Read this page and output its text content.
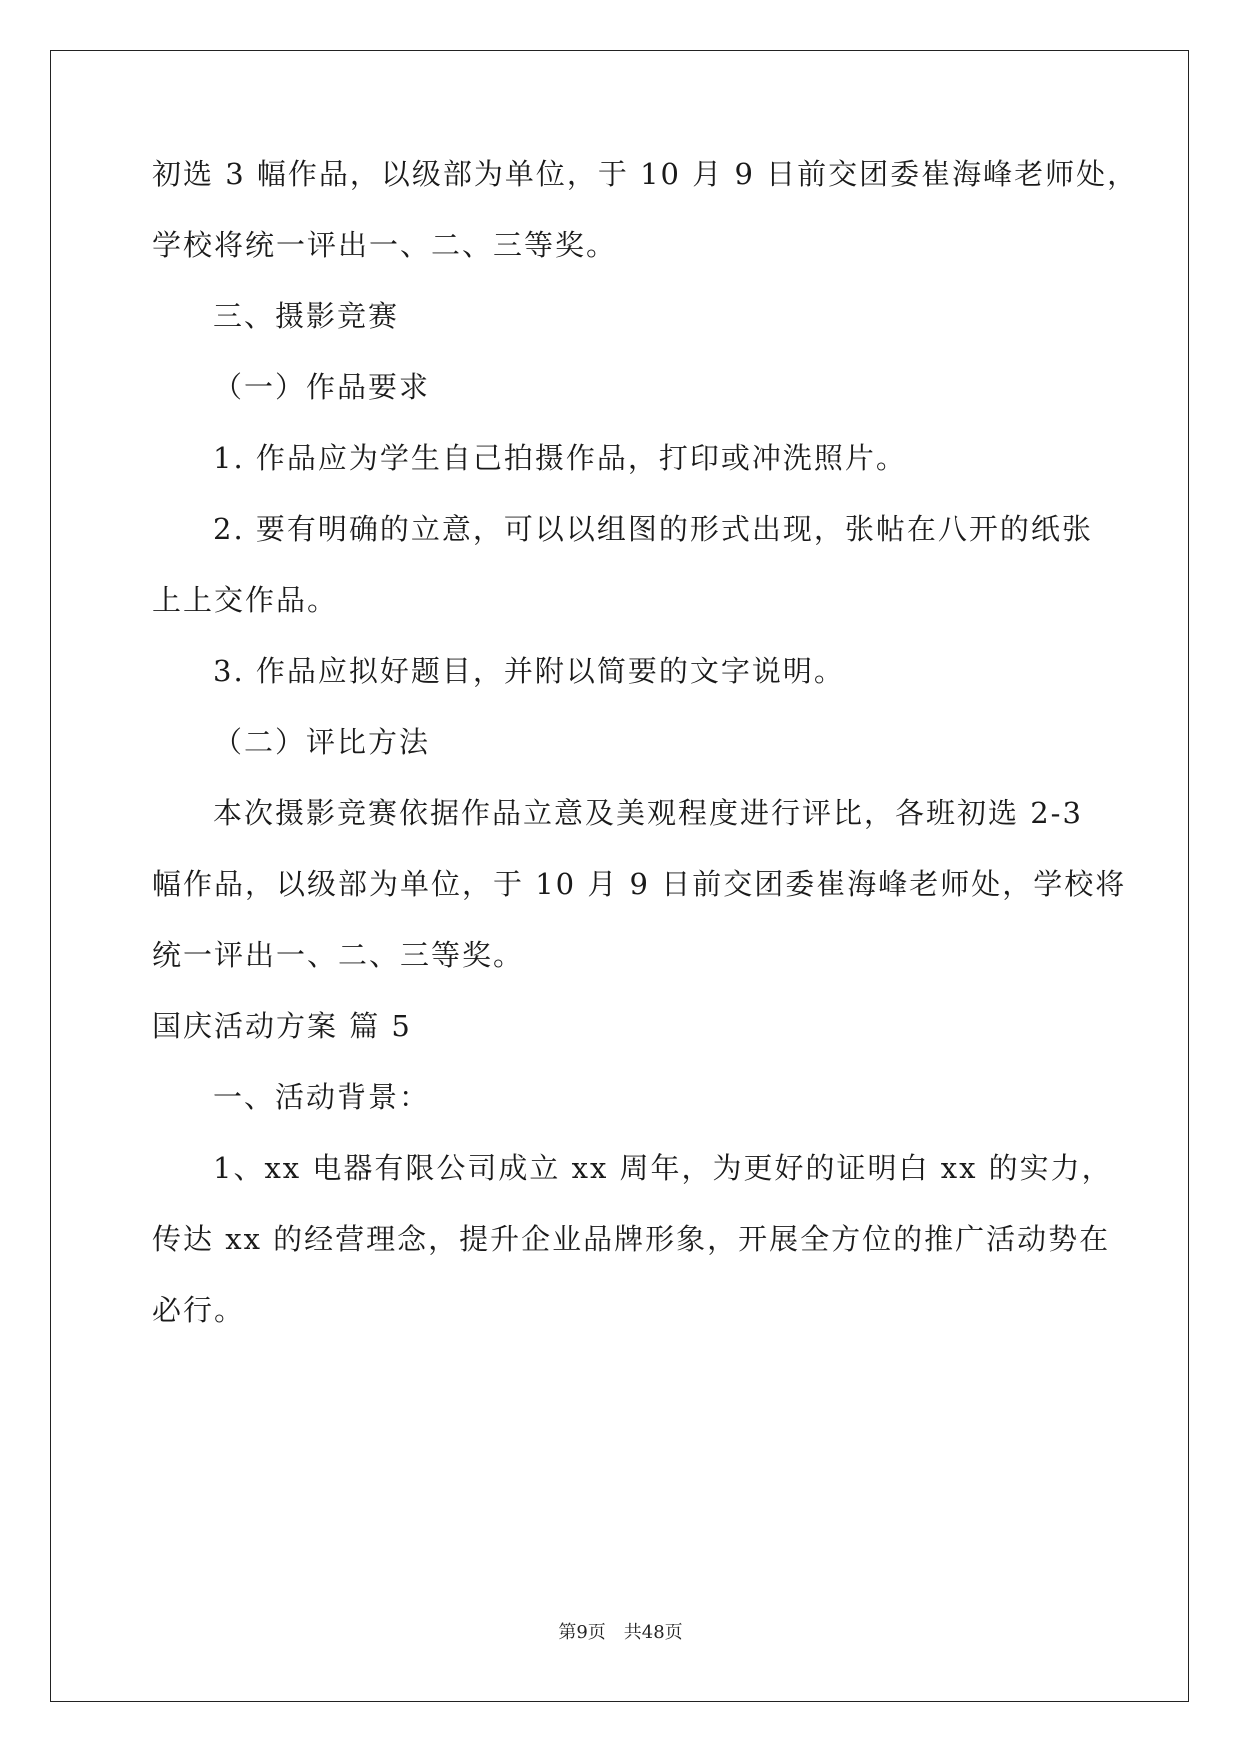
初选 3 幅作品，以级部为单位，于 10 月 9 日前交团委崔海峰老师处，
学校将统一评出一、二、三等奖。
三、摄影竞赛
（一）作品要求
1. 作品应为学生自己拍摄作品，打印或冲洗照片。
2. 要有明确的立意，可以以组图的形式出现，张帖在八开的纸张
上上交作品。
3. 作品应拟好题目，并附以简要的文字说明。
（二）评比方法
本次摄影竞赛依据作品立意及美观程度进行评比，各班初选 2-3
幅作品，以级部为单位，于 10 月 9 日前交团委崔海峰老师处，学校将
统一评出一、二、三等奖。
国庆活动方案 篇 5
一、活动背景：
1、xx 电器有限公司成立 xx 周年，为更好的证明白 xx 的实力，
传达 xx 的经营理念，提升企业品牌形象，开展全方位的推广活动势在
必行。
第9页　共48页
